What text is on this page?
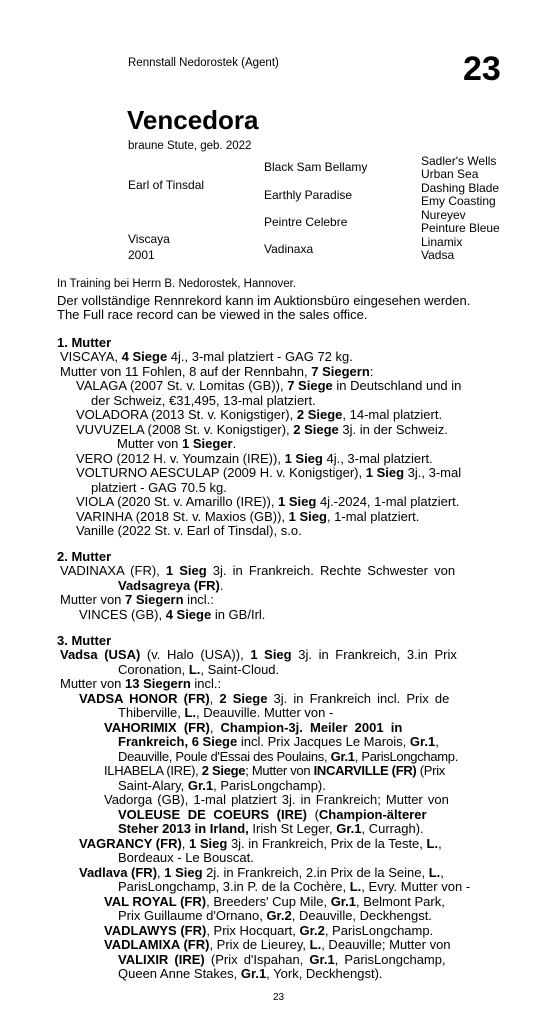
Rennstall Nedorostek (Agent)	23
Vencedora
braune Stute, geb. 2022
Earl of Tinsdal
Viscaya
2001
Black Sam Bellamy
Earthly Paradise
Peintre Celebre
Vadinaxa
Sadler's Wells
Urban Sea
Dashing Blade
Emy Coasting
Nureyev
Peinture Bleue
Linamix
Vadsa
In Training bei Herrn B. Nedorostek, Hannover.
Der vollständige Rennrekord kann im Auktionsbüro eingesehen werden.
The Full race record can be viewed in the sales office.
1. Mutter
VISCAYA, 4 Siege 4j., 3-mal platziert - GAG 72 kg.
Mutter von 11 Fohlen, 8 auf der Rennbahn, 7 Siegern:
VALAGA (2007 St. v. Lomitas (GB)), 7 Siege in Deutschland und in
der Schweiz, €31,495, 13-mal platziert.
VOLADORA (2013 St. v. Konigstiger), 2 Siege, 14-mal platziert.
VUVUZELA (2008 St. v. Konigstiger), 2 Siege 3j. in der Schweiz.
Mutter von 1 Sieger.
VERO (2012 H. v. Youmzain (IRE)), 1 Sieg 4j., 3-mal platziert.
VOLTURNO AESCULAP (2009 H. v. Konigstiger), 1 Sieg 3j., 3-mal
platziert - GAG 70.5 kg.
VIOLA (2020 St. v. Amarillo (IRE)), 1 Sieg 4j.-2024, 1-mal platziert.
VARINHA (2018 St. v. Maxios (GB)), 1 Sieg, 1-mal platziert.
Vanille (2022 St. v. Earl of Tinsdal), s.o.
2. Mutter
VADINAXA (FR), 1 Sieg 3j. in Frankreich. Rechte Schwester von
Vadsagreya (FR).
Mutter von 7 Siegern incl.:
VINCES (GB), 4 Siege in GB/Irl.
3. Mutter
Vadsa (USA) (v. Halo (USA)), 1 Sieg 3j. in Frankreich, 3.in Prix
Coronation, L., Saint-Cloud.
Mutter von 13 Siegern incl.:
VADSA HONOR (FR), 2 Siege 3j. in Frankreich incl. Prix de
Thiberville, L., Deauville. Mutter von -
VAHORIMIX (FR), Champion-3j. Meiler 2001 in
Frankreich, 6 Siege incl. Prix Jacques Le Marois, Gr.1,
Deauville, Poule d'Essai des Poulains, Gr.1, ParisLongchamp.
ILHABELA (IRE), 2 Siege; Mutter von INCARVILLE (FR) (Prix
Saint-Alary, Gr.1, ParisLongchamp).
Vadorga (GB), 1-mal platziert 3j. in Frankreich; Mutter von
VOLEUSE DE COEURS (IRE) (Champion-älterer
Steher 2013 in Irland, Irish St Leger, Gr.1, Curragh).
VAGRANCY (FR), 1 Sieg 3j. in Frankreich, Prix de la Teste, L.,
Bordeaux - Le Bouscat.
Vadlava (FR), 1 Sieg 2j. in Frankreich, 2.in Prix de la Seine, L.,
ParisLongchamp, 3.in P. de la Cochère, L., Evry. Mutter von -
VAL ROYAL (FR), Breeders' Cup Mile, Gr.1, Belmont Park,
Prix Guillaume d'Ornano, Gr.2, Deauville, Deckhengst.
VADLAWYS (FR), Prix Hocquart, Gr.2, ParisLongchamp.
VADLAMIXA (FR), Prix de Lieurey, L., Deauville; Mutter von
VALIXIR (IRE) (Prix d'Ispahan, Gr.1, ParisLongchamp,
Queen Anne Stakes, Gr.1, York, Deckhengst).
23
